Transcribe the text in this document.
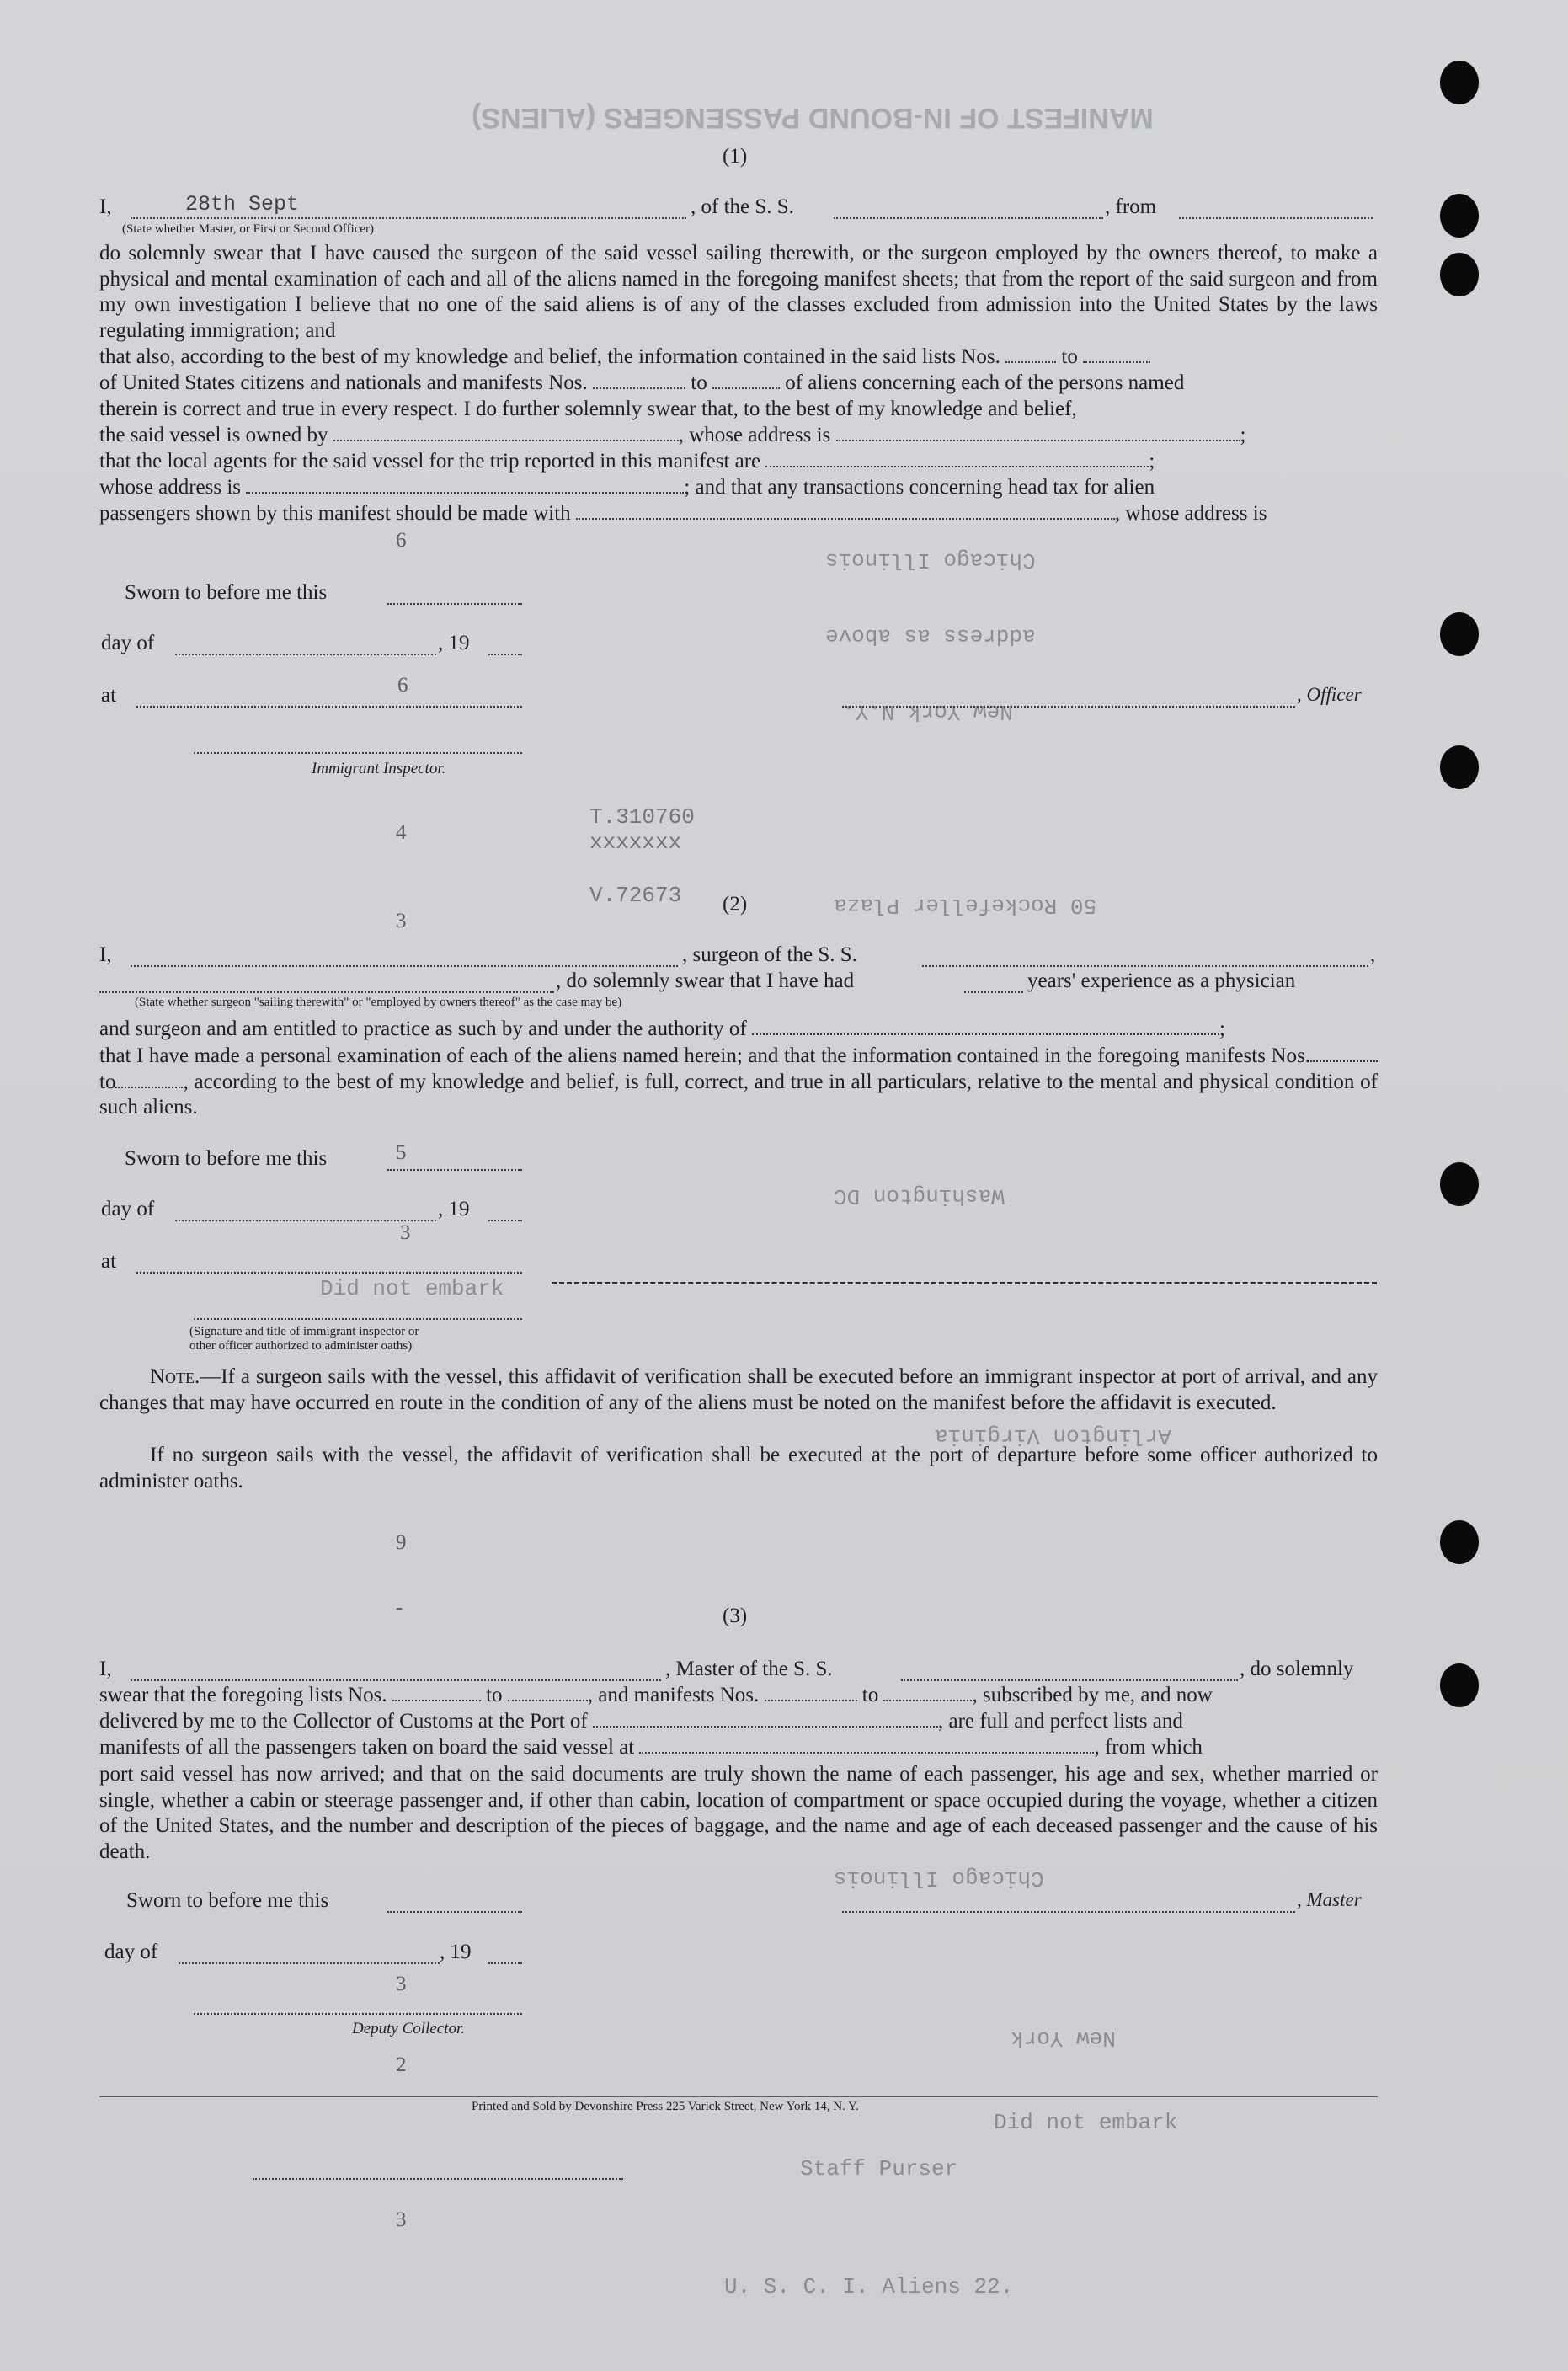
MANIFEST OF IN-BOUND PASSENGERS (ALIENS)
Chicago Illinois
address as above
New York N.Y.
50 Rockefeller Plaza
Washington DC
Arlington Virginia
Chicago Illinois
New York
Did not embark
Did not embark
Staff Purser
U. S. C. I. Aliens 22.
T.310760
xxxxxxx
V.72673
(1)
I,	28th Sept	, of the S. S.	, from
(State whether Master, or First or Second Officer)
do solemnly swear that I have caused the surgeon of the said vessel sailing therewith, or the surgeon employed by the owners thereof, to make a physical and mental examination of each and all of the aliens named in the foregoing manifest sheets; that from the report of the said surgeon and from my own investigation I believe that no one of the said aliens is of any of the classes excluded from admission into the United States by the laws regulating immigration; and
that also, according to the best of my knowledge and belief, the information contained in the said lists Nos.	to
of United States citizens and nationals and manifests Nos.	to	of aliens concerning each of the persons named
therein is correct and true in every respect. I do further solemnly swear that, to the best of my knowledge and belief,
the said vessel is owned by	, whose address is	;
that the local agents for the said vessel for the trip reported in this manifest are	;
whose address is	; and that any transactions concerning head tax for alien
passengers shown by this manifest should be made with	, whose address is
Sworn to before me this
day of	, 19
at	, Officer
Immigrant Inspector.
6
6
4
3
(2)
I,	, surgeon of the S. S.	,
, do solemnly swear that I have had	years' experience as a physician
(State whether surgeon "sailing therewith" or "employed by owners thereof" as the case may be)
and surgeon and am entitled to practice as such by and under the authority of	;
that I have made a personal examination of each of the aliens named herein; and that the information contained in the foregoing manifests Nos.to	, according to the best of my knowledge and belief, is full, correct, and true in all particulars, relative to the mental and physical condition of such aliens.
Sworn to before me this
day of	, 19
at
(Signature and title of immigrant inspector or
other officer authorized to administer oaths)
5
3
Note.—If a surgeon sails with the vessel, this affidavit of verification shall be executed before an immigrant inspector at port of arrival, and any changes that may have occurred en route in the condition of any of the aliens must be noted on the manifest before the affidavit is executed.
If no surgeon sails with the vessel, the affidavit of verification shall be executed at the port of departure before some officer authorized to administer oaths.
9
(3)
-
I,	, Master of the S. S.	, do solemnly
swear that the foregoing lists Nos.	to	, and manifests Nos.	to	, subscribed by me, and now
delivered by me to the Collector of Customs at the Port of	, are full and perfect lists and
manifests of all the passengers taken on board the said vessel at	, from which
port said vessel has now arrived; and that on the said documents are truly shown the name of each passenger, his age and sex, whether married or single, whether a cabin or steerage passenger and, if other than cabin, location of compartment or space occupied during the voyage, whether a citizen of the United States, and the number and description of the pieces of baggage, and the name and age of each deceased passenger and the cause of his death.
Sworn to before me this	, Master
day of	, 19
Deputy Collector.
3
2
3
Printed and Sold by Devonshire Press 225 Varick Street, New York 14, N. Y.
